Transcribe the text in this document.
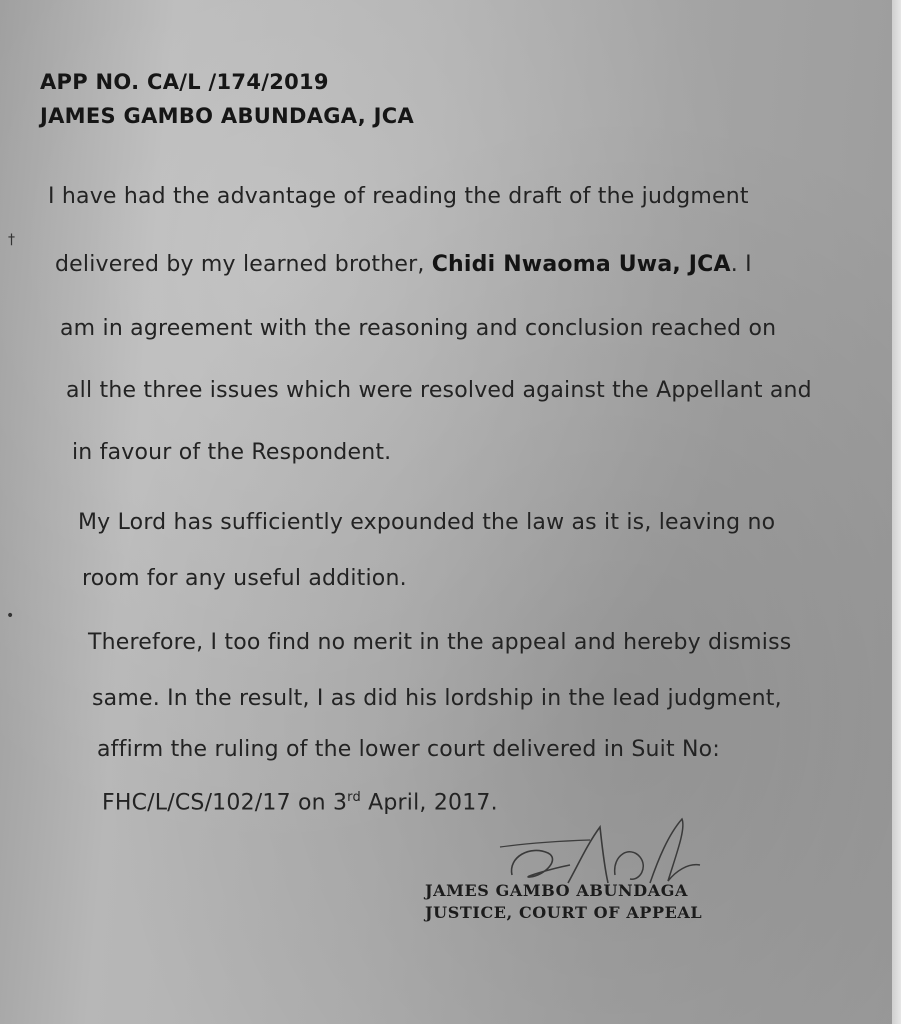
APP NO. CA/L /174/2019
JAMES GAMBO ABUNDAGA, JCA
I have had the advantage of reading the draft of the judgment
delivered by my learned brother, Chidi Nwaoma Uwa, JCA. I
am in agreement with the reasoning and conclusion reached on
all the three issues which were resolved against the Appellant and
in favour of the Respondent.
My Lord has sufficiently expounded the law as it is, leaving no
room for any useful addition.
Therefore, I too find no merit in the appeal and hereby dismiss
same. In the result, I as did his lordship in the lead judgment,
affirm the ruling of the lower court delivered in Suit No:
FHC/L/CS/102/17 on 3rd April, 2017.
JAMES GAMBO ABUNDAGA
JUSTICE, COURT OF APPEAL
†
•
